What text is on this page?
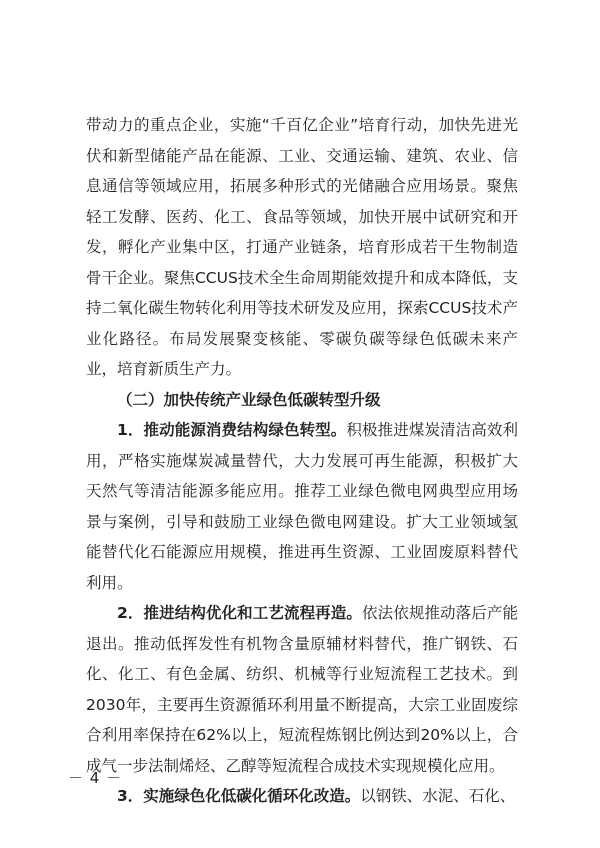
带动力的重点企业，实施“千百亿企业”培育行动，加快先进光伏和新型储能产品在能源、工业、交通运输、建筑、农业、信息通信等领域应用，拓展多种形式的光储融合应用场景。聚焦轻工发酵、医药、化工、食品等领域，加快开展中试研究和开发，孵化产业集中区，打通产业链条，培育形成若干生物制造骨干企业。聚焦CCUS技术全生命周期能效提升和成本降低，支持二氧化碳生物转化利用等技术研发及应用，探索CCUS技术产业化路径。布局发展聚变核能、零碳负碳等绿色低碳未来产业，培育新质生产力。

（二）加快传统产业绿色低碳转型升级

1．推动能源消费结构绿色转型。积极推进煤炭清洁高效利用，严格实施煤炭减量替代，大力发展可再生能源，积极扩大天然气等清洁能源多能应用。推荐工业绿色微电网典型应用场景与案例，引导和鼓励工业绿色微电网建设。扩大工业领域氢能替代化石能源应用规模，推进再生资源、工业固废原料替代利用。

2．推进结构优化和工艺流程再造。依法依规推动落后产能退出。推动低挥发性有机物含量原辅材料替代，推广钢铁、石化、化工、有色金属、纺织、机械等行业短流程工艺技术。到2030年，主要再生资源循环利用量不断提高，大宗工业固废综合利用率保持在62%以上，短流程炼钢比例达到20%以上，合成气一步法制烯烃、乙醇等短流程合成技术实现规模化应用。

3．实施绿色化低碳化循环化改造。以钢铁、水泥、石化、

－ 4 －
